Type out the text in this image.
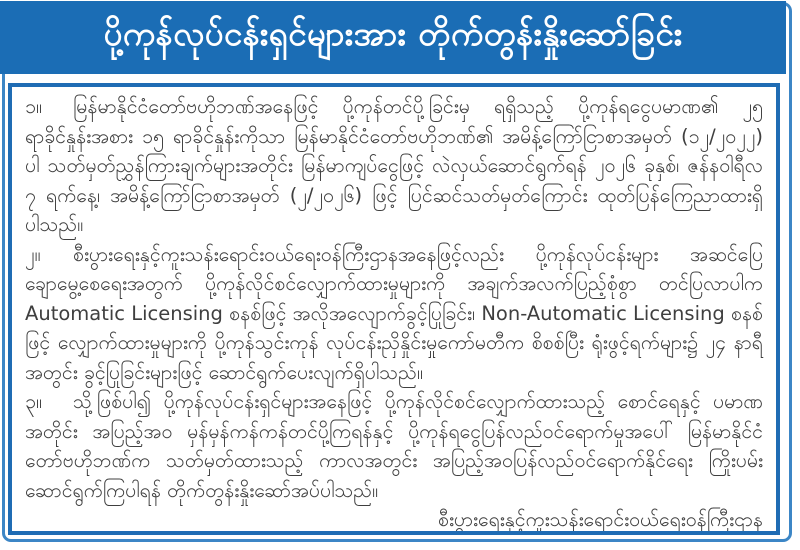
ပို့ကုန်လုပ်ငန်းရှင်များအား တိုက်တွန်းနှိုးဆော်ခြင်း

၁။ မြန်မာနိုင်ငံတော်ဗဟိုဘဏ်အနေဖြင့် ပို့ကုန်တင်ပို့ခြင်းမှ ရရှိသည့် ပို့ကုန်ရငွေပမာဏ၏ ၂၅ ရာခိုင်နှုန်းအစား ၁၅ ရာခိုင်နှုန်းကိုသာ မြန်မာနိုင်ငံတော်ဗဟိုဘဏ်၏ အမိန့်ကြော်ငြာစာအမှတ် (၁၂/၂၀၂၂) ပါ သတ်မှတ်ညွှန်ကြားချက်များအတိုင်း မြန်မာကျပ်ငွေဖြင့် လဲလှယ်ဆောင်ရွက်ရန် ၂၀၂၆ ခုနှစ်၊ ဇန်နဝါရီလ ၇ ရက်နေ့၊ အမိန့်ကြော်ငြာစာအမှတ် (၂/၂၀၂၆) ဖြင့် ပြင်ဆင်သတ်မှတ်ကြောင်း ထုတ်ပြန်ကြေညာထားရှိပါသည်။

၂။ စီးပွားရေးနှင့်ကူးသန်းရောင်းဝယ်ရေးဝန်ကြီးဌာနအနေဖြင့်လည်း ပို့ကုန်လုပ်ငန်းများ အဆင်ပြေချောမွေ့စေရေးအတွက် ပို့ကုန်လိုင်စင်လျှောက်ထားမှုများကို အချက်အလက်ပြည့်စုံစွာ တင်ပြလာပါက Automatic Licensing စနစ်ဖြင့် အလိုအလျောက်ခွင့်ပြုခြင်း၊ Non-Automatic Licensing စနစ်ဖြင့် လျှောက်ထားမှုများကို ပို့ကုန်သွင်းကုန် လုပ်ငန်းညှိနှိုင်းမှုကော်မတီက စိစစ်ပြီး ရုံးဖွင့်ရက်များ၌ ၂၄ နာရီအတွင်း ခွင့်ပြုခြင်းများဖြင့် ဆောင်ရွက်ပေးလျက်ရှိပါသည်။

၃။ သို့ဖြစ်ပါ၍ ပို့ကုန်လုပ်ငန်းရှင်များအနေဖြင့် ပို့ကုန်လိုင်စင်လျှောက်ထားသည့် စောင်ရေနှင့် ပမာဏအတိုင်း အပြည့်အဝ မှန်မှန်ကန်ကန်တင်ပို့ကြရန်နှင့် ပို့ကုန်ရငွေပြန်လည်ဝင်ရောက်မှုအပေါ် မြန်မာနိုင်ငံတော်ဗဟိုဘဏ်က သတ်မှတ်ထားသည့် ကာလအတွင်း အပြည့်အဝပြန်လည်ဝင်ရောက်နိုင်ရေး ကြိုးပမ်းဆောင်ရွက်ကြပါရန် တိုက်တွန်းနှိုးဆော်အပ်ပါသည်။

စီးပွားရေးနှင့်ကူးသန်းရောင်းဝယ်ရေးဝန်ကြီးဌာန
